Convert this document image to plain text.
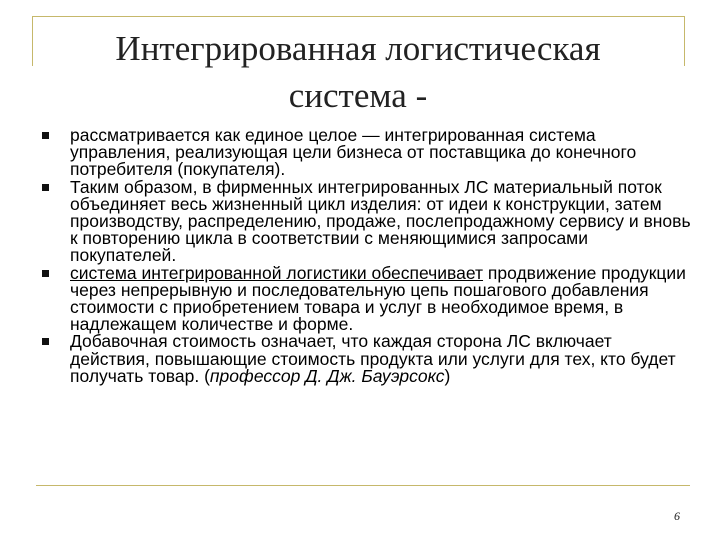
Интегрированная логистическая
система -
рассматривается как единое целое — интегрированная система управления, реализующая цели бизнеса от поставщика до конечного потребителя (покупателя).
Таким образом, в фирменных интегрированных ЛС материальный поток объединяет весь жизненный цикл изделия: от идеи к конструкции, затем производству, распределению, продаже, послепродажному сервису и вновь к повторению цикла в соответствии с меняющимися запросами покупателей.
система интегрированной логистики обеспечивает продвижение продукции через непрерывную и последовательную цепь пошагового добавления стоимости с приобретением товара и услуг в необходимое время, в надлежащем количестве и форме.
Добавочная стоимость означает, что каждая сторона ЛС включает действия, повышающие стоимость продукта или услуги для тех, кто будет получать товар. (профессор Д. Дж. Бауэрсокс)
6
